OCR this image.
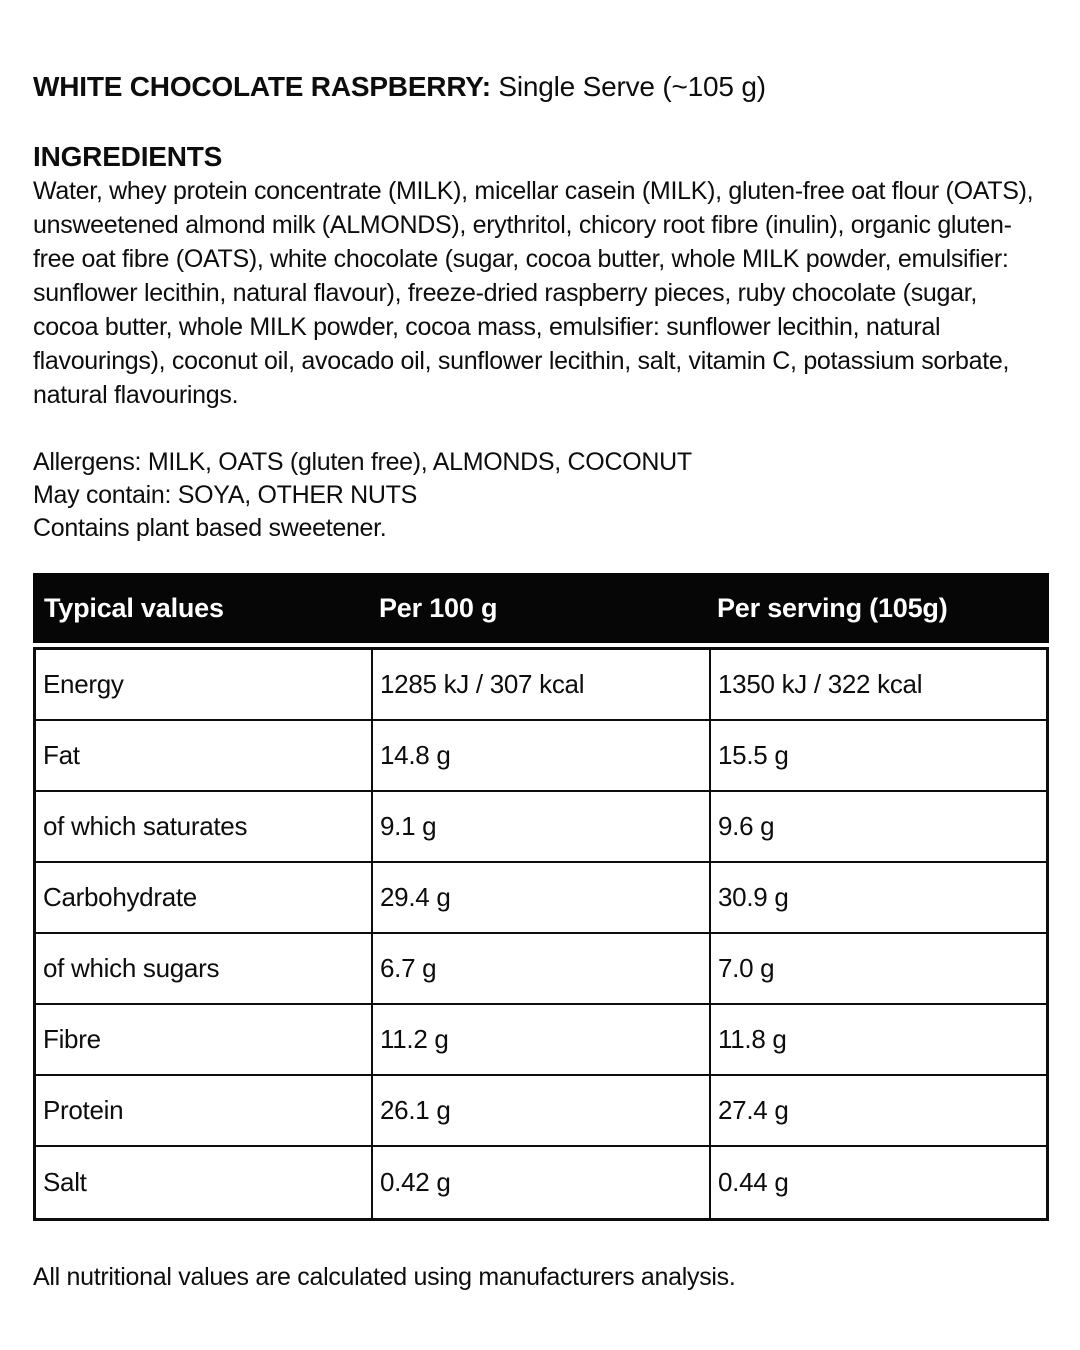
WHITE CHOCOLATE RASPBERRY: Single Serve (~105 g)

INGREDIENTS

Water, whey protein concentrate (MILK), micellar casein (MILK), gluten-free oat flour (OATS), unsweetened almond milk (ALMONDS), erythritol, chicory root fibre (inulin), organic gluten-free oat fibre (OATS), white chocolate (sugar, cocoa butter, whole MILK powder, emulsifier: sunflower lecithin, natural flavour), freeze-dried raspberry pieces, ruby chocolate (sugar, cocoa butter, whole MILK powder, cocoa mass, emulsifier: sunflower lecithin, natural flavourings), coconut oil, avocado oil, sunflower lecithin, salt, vitamin C, potassium sorbate, natural flavourings.

Allergens: MILK, OATS (gluten free), ALMONDS, COCONUT

May contain: SOYA, OTHER NUTS

Contains plant based sweetener.

Typical values	Per 100 g	Per serving (105g)
Energy	1285 kJ / 307 kcal	1350 kJ / 322 kcal
Fat	14.8 g	15.5 g
of which saturates	9.1 g	9.6 g
Carbohydrate	29.4 g	30.9 g
of which sugars	6.7 g	7.0 g
Fibre	11.2 g	11.8 g
Protein	26.1 g	27.4 g
Salt	0.42 g	0.44 g

All nutritional values are calculated using manufacturers analysis.
